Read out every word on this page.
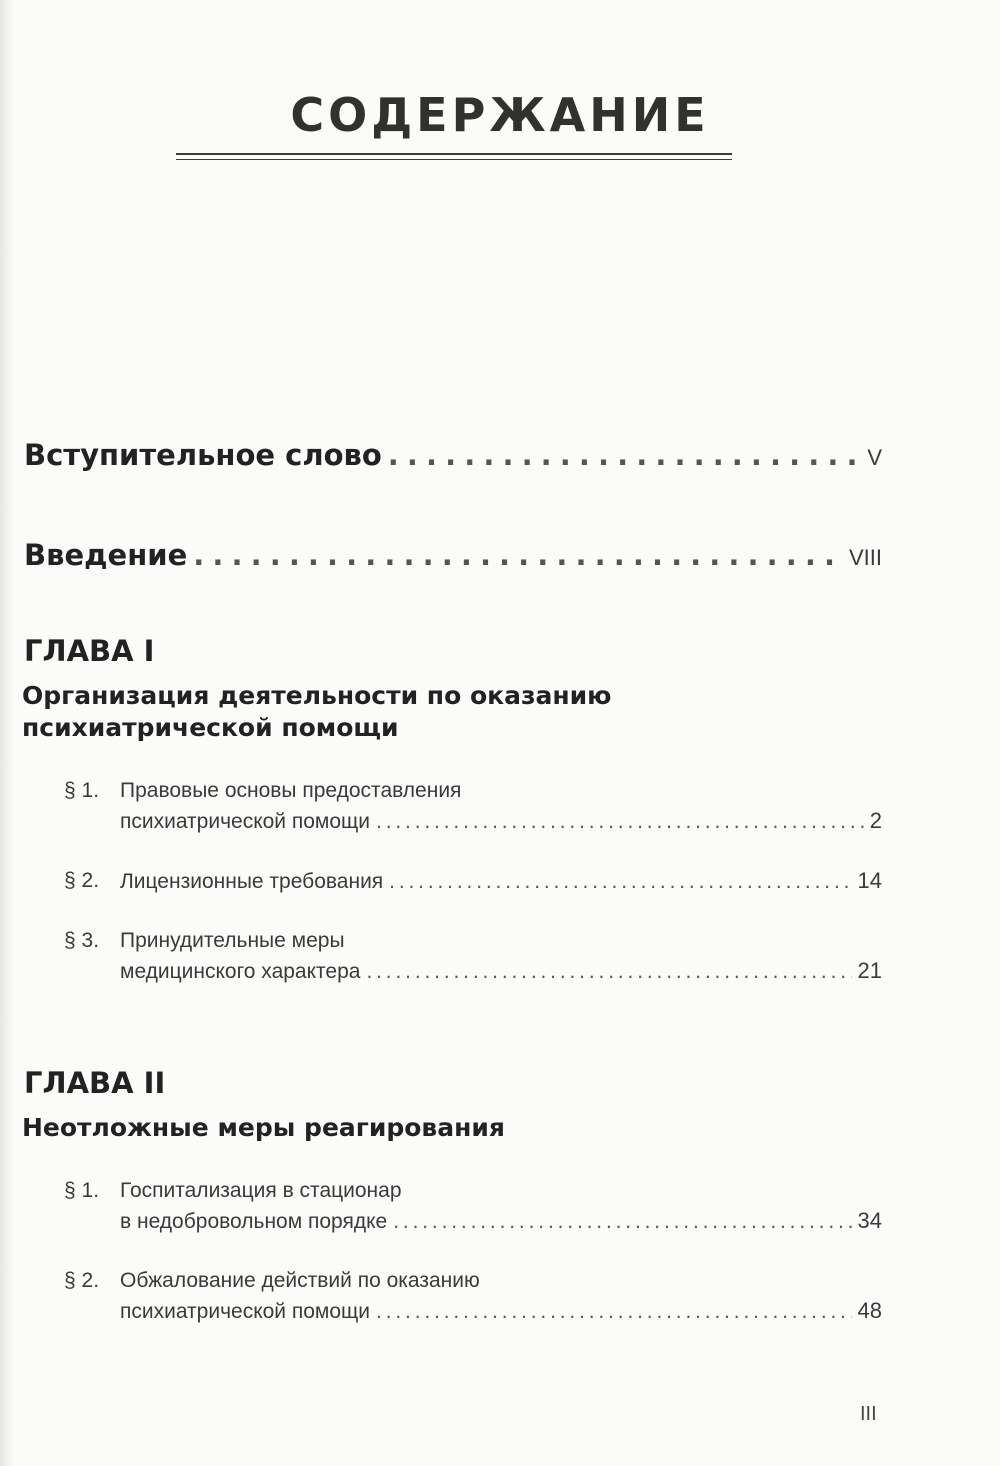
СОДЕРЖАНИЕ
Вступительное слово . . .	V
Введение . . .	VIII
ГЛАВА I
Организация деятельности по оказанию
психиатрической помощи
§ 1. Правовые основы предоставления
психиатрической помощи . . .	2
§ 2. Лицензионные требования . . .	14
§ 3. Принудительные меры
медицинского характера . . .	21
ГЛАВА II
Неотложные меры реагирования
§ 1. Госпитализация в стационар
в недобровольном порядке . . .	34
§ 2. Обжалование действий по оказанию
психиатрической помощи . . .	48
III
